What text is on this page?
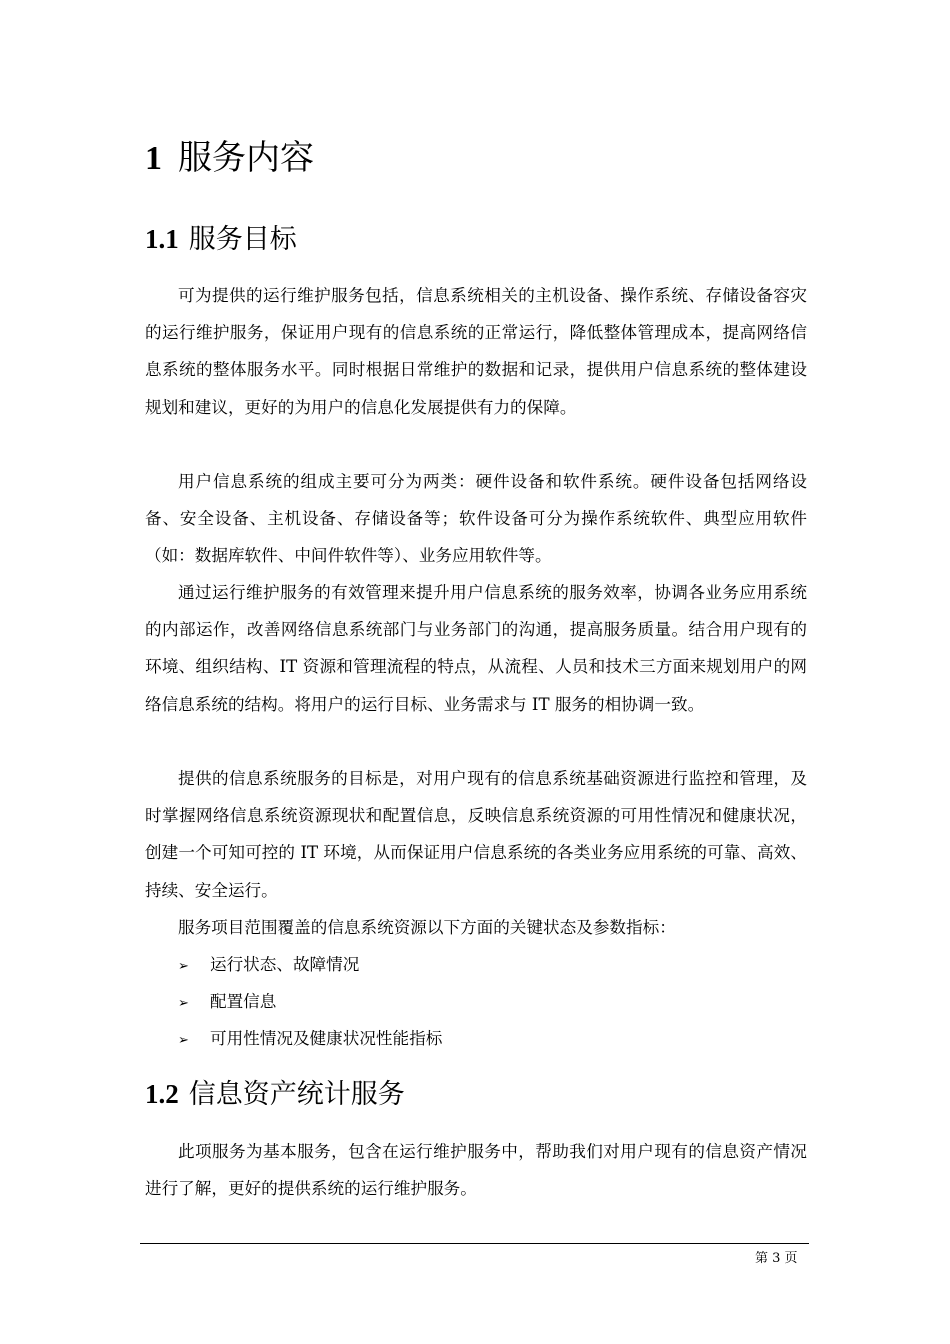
1 服务内容
1.1 服务目标

可为提供的运行维护服务包括，信息系统相关的主机设备、操作系统、存储设备容灾的运行维护服务，保证用户现有的信息系统的正常运行，降低整体管理成本，提高网络信息系统的整体服务水平。同时根据日常维护的数据和记录，提供用户信息系统的整体建设规划和建议，更好的为用户的信息化发展提供有力的保障。

用户信息系统的组成主要可分为两类：硬件设备和软件系统。硬件设备包括网络设备、安全设备、主机设备、存储设备等；软件设备可分为操作系统软件、典型应用软件（如：数据库软件、中间件软件等）、业务应用软件等。

通过运行维护服务的有效管理来提升用户信息系统的服务效率，协调各业务应用系统的内部运作，改善网络信息系统部门与业务部门的沟通，提高服务质量。结合用户现有的环境、组织结构、IT 资源和管理流程的特点，从流程、人员和技术三方面来规划用户的网络信息系统的结构。将用户的运行目标、业务需求与 IT 服务的相协调一致。

提供的信息系统服务的目标是，对用户现有的信息系统基础资源进行监控和管理，及时掌握网络信息系统资源现状和配置信息，反映信息系统资源的可用性情况和健康状况，创建一个可知可控的 IT 环境，从而保证用户信息系统的各类业务应用系统的可靠、高效、持续、安全运行。

服务项目范围覆盖的信息系统资源以下方面的关键状态及参数指标：

➢ 运行状态、故障情况
➢ 配置信息
➢ 可用性情况及健康状况性能指标
1.2 信息资产统计服务

此项服务为基本服务，包含在运行维护服务中，帮助我们对用户现有的信息资产情况进行了解，更好的提供系统的运行维护服务。

第 3 页
